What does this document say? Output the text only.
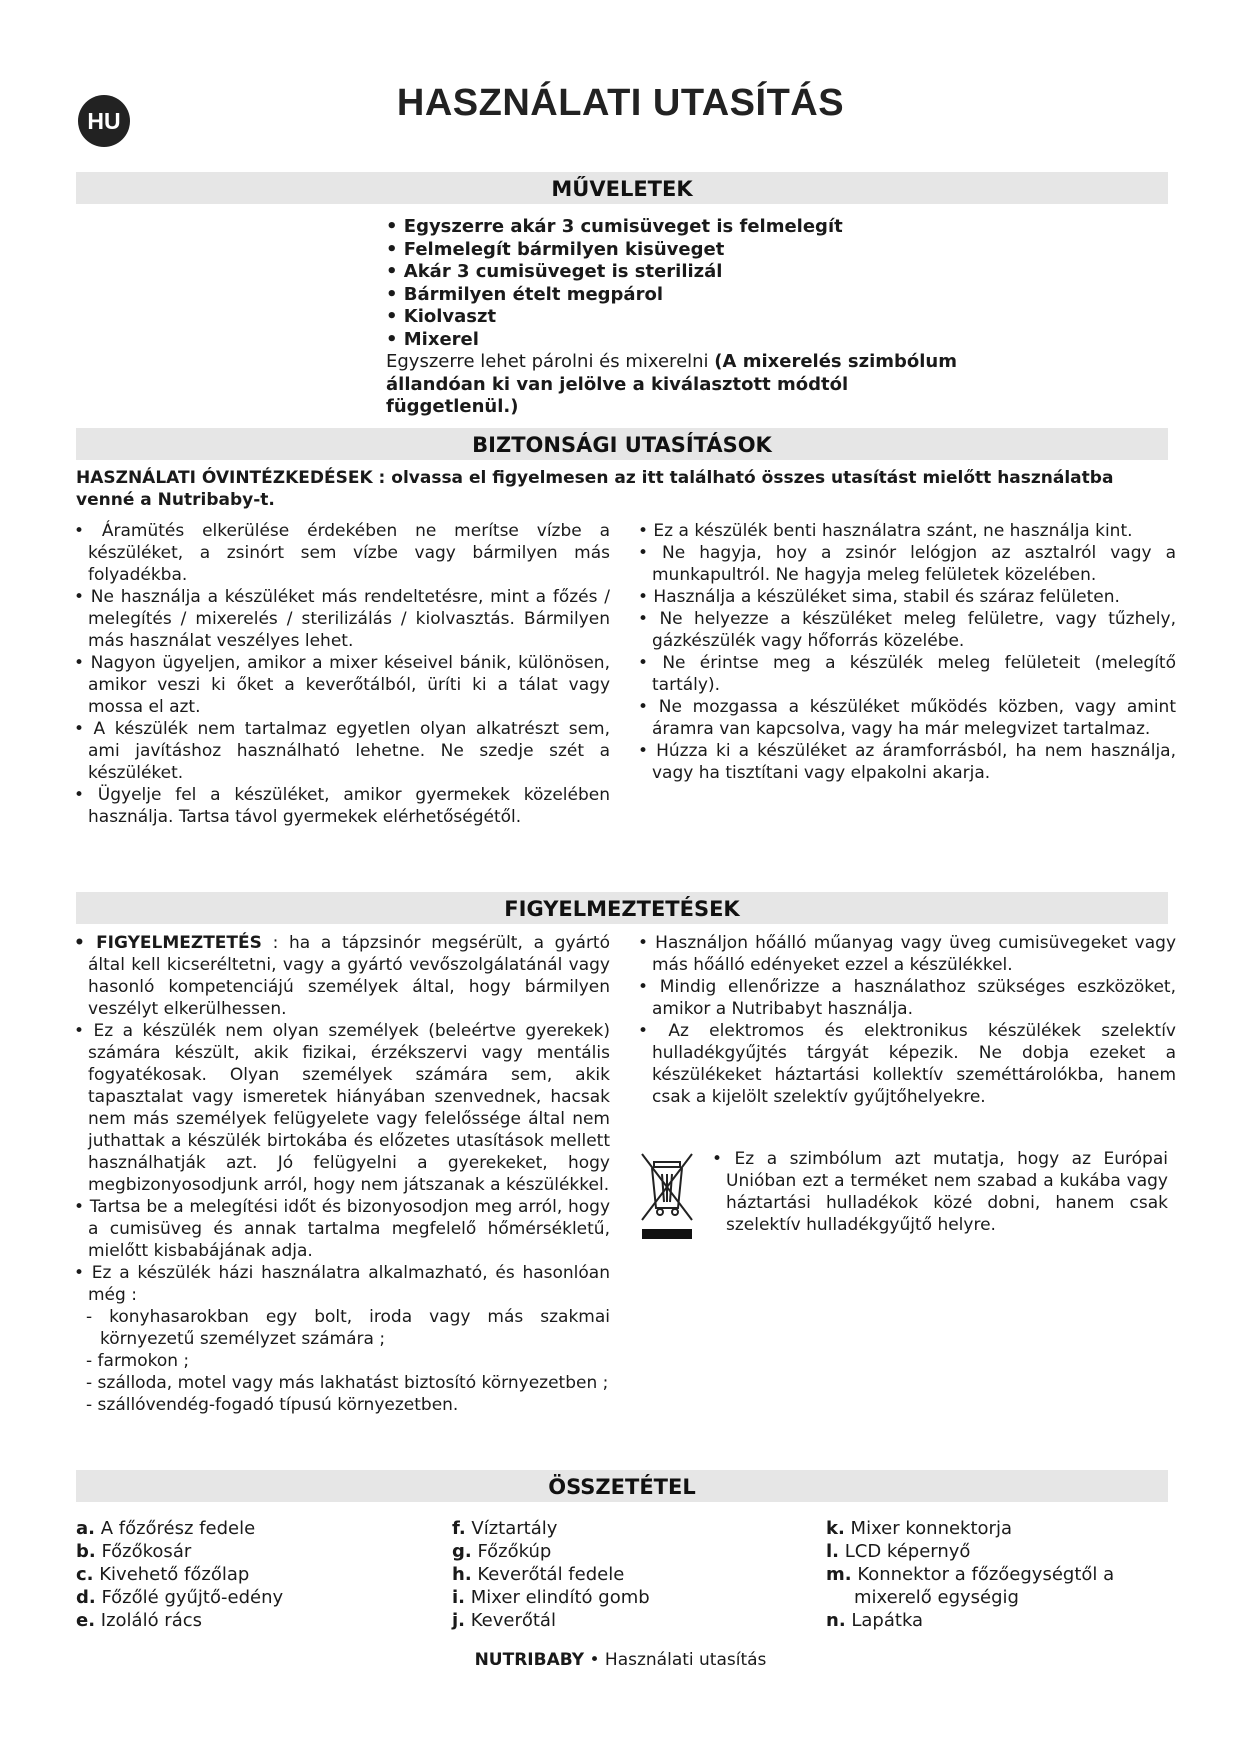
HU	HASZNÁLATI UTASÍTÁS
MŰVELETEK

• Egyszerre akár 3 cumisüveget is felmelegít

• Felmelegít bármilyen kisüveget

• Akár 3 cumisüveget is sterilizál

• Bármilyen ételt megpárol

• Kiolvaszt

• Mixerel

Egyszerre lehet párolni és mixerelni (A mixerelés szimbólum állandóan ki van jelölve a kiválasztott módtól függetlenül.)

BIZTONSÁGI UTASÍTÁSOK
HASZNÁLATI ÓVINTÉZKEDÉSEK : olvassa el figyelmesen az itt található összes utasítást mielőtt használatba venné a Nutribaby-t.

• Áramütés elkerülése érdekében ne merítse vízbe a készüléket, a zsinórt sem vízbe vagy bármilyen más folyadékba.

• Ne használja a készüléket más rendeltetésre, mint a főzés / melegítés / mixerelés / sterilizálás / kiolvasztás. Bármilyen más használat veszélyes lehet.

• Nagyon ügyeljen, amikor a mixer késeivel bánik, különösen, amikor veszi ki őket a keverőtálból, üríti ki a tálat vagy mossa el azt.

• A készülék nem tartalmaz egyetlen olyan alkatrészt sem, ami javításhoz használható lehetne. Ne szedje szét a készüléket.

• Ügyelje fel a készüléket, amikor gyermekek közelében használja. Tartsa távol gyermekek elérhetőségétől.

• Ez a készülék benti használatra szánt, ne használja kint.

• Ne hagyja, hoy a zsinór lelógjon az asztalról vagy a munkapultról. Ne hagyja meleg felületek közelében.

• Használja a készüléket sima, stabil és száraz felületen.

• Ne helyezze a készüléket meleg felületre, vagy tűzhely, gázkészülék vagy hőforrás közelébe.

• Ne érintse meg a készülék meleg felületeit (melegítő tartály).

• Ne mozgassa a készüléket működés közben, vagy amint áramra van kapcsolva, vagy ha már melegvizet tartalmaz.

• Húzza ki a készüléket az áramforrásból, ha nem használja, vagy ha tisztítani vagy elpakolni akarja.

FIGYELMEZTETÉSEK

• FIGYELMEZTETÉS : ha a tápzsinór megsérült, a gyártó által kell kicseréltetni, vagy a gyártó vevőszolgálatánál vagy hasonló kompetenciájú személyek által, hogy bármilyen veszélyt elkerülhessen.

• Ez a készülék nem olyan személyek (beleértve gyerekek) számára készült, akik fizikai, érzékszervi vagy mentális fogyatékosak. Olyan személyek számára sem, akik tapasztalat vagy ismeretek hiányában szenvednek, hacsak nem más személyek felügyelete vagy felelőssége által nem juthattak a készülék birtokába és előzetes utasítások mellett használhatják azt. Jó felügyelni a gyerekeket, hogy megbizonyosodjunk arról, hogy nem játszanak a készülékkel.

• Tartsa be a melegítési időt és bizonyosodjon meg arról, hogy a cumisüveg és annak tartalma megfelelő hőmérsékletű, mielőtt kisbabájának adja.

• Ez a készülék házi használatra alkalmazható, és hasonlóan még :

- konyhasarokban egy bolt, iroda vagy más szakmai környezetű személyzet számára ;

- farmokon ;

- szálloda, motel vagy más lakhatást biztosító környezetben ;

- szállóvendég-fogadó típusú környezetben.

• Használjon hőálló műanyag vagy üveg cumisüvegeket vagy más hőálló edényeket ezzel a készülékkel.

• Mindig ellenőrizze a használathoz szükséges eszközöket, amikor a Nutribabyt használja.

• Az elektromos és elektronikus készülékek szelektív hulladékgyűjtés tárgyát képezik. Ne dobja ezeket a készülékeket háztartási kollektív szeméttárolókba, hanem csak a kijelölt szelektív gyűjtőhelyekre.

• Ez a szimbólum azt mutatja, hogy az Európai Unióban ezt a terméket nem szabad a kukába vagy háztartási hulladékok közé dobni, hanem csak szelektív hulladékgyűjtő helyre.

ÖSSZETÉTEL

a. A főzőrész fedele

b. Főzőkosár

c. Kivehető főzőlap

d. Főzőlé gyűjtő-edény

e. Izoláló rács

f. Víztartály

g. Főzőkúp

h. Keverőtál fedele

i. Mixer elindító gomb

j. Keverőtál

k. Mixer konnektorja

l. LCD képernyő

m. Konnektor a főzőegységtől a mixerelő egységig

n. Lapátka

NUTRIBABY • Használati utasítás
